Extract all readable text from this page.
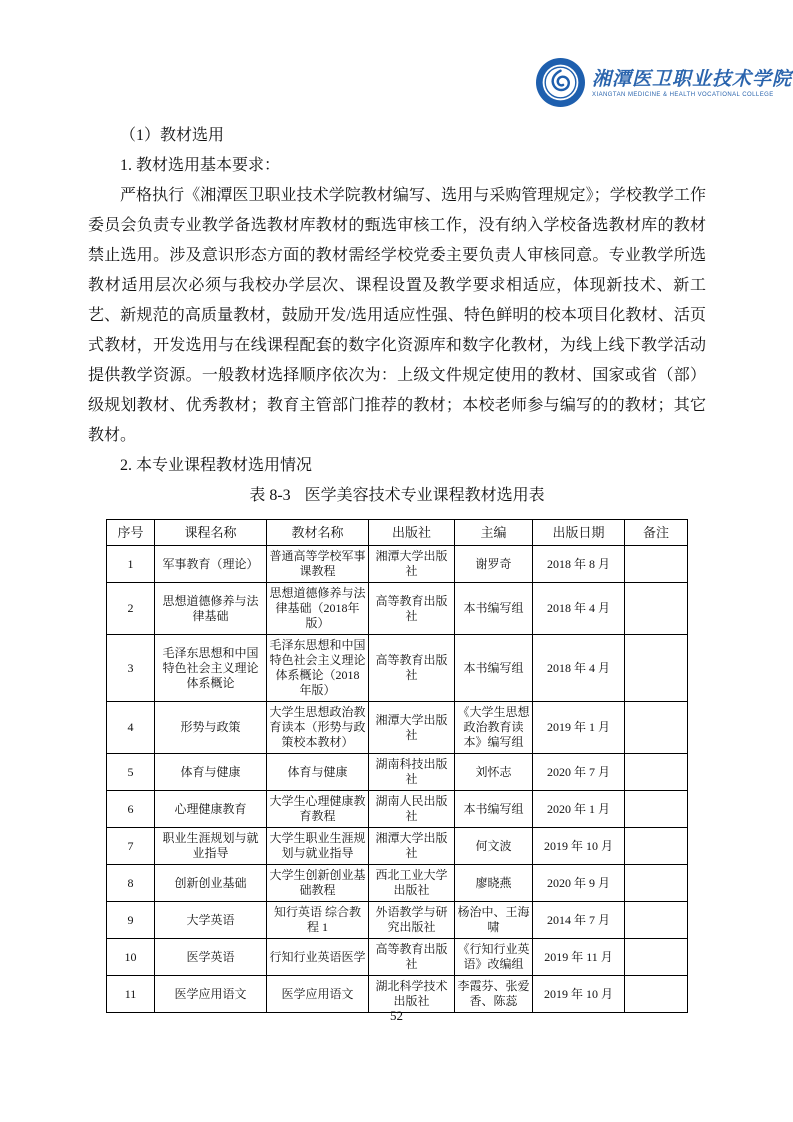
湘潭医卫职业技术学院
XIANGTAN MEDICINE & HEALTH VOCATIONAL COLLEGE

（1）教材选用

1. 教材选用基本要求：

严格执行《湘潭医卫职业技术学院教材编写、选用与采购管理规定》；学校教学工作委员会负责专业教学备选教材库教材的甄选审核工作，没有纳入学校备选教材库的教材禁止选用。涉及意识形态方面的教材需经学校党委主要负责人审核同意。专业教学所选教材适用层次必须与我校办学层次、课程设置及教学要求相适应，体现新技术、新工艺、新规范的高质量教材，鼓励开发/选用适应性强、特色鲜明的校本项目化教材、活页式教材，开发选用与在线课程配套的数字化资源库和数字化教材，为线上线下教学活动提供教学资源。一般教材选择顺序依次为：上级文件规定使用的教材、国家或省（部）级规划教材、优秀教材；教育主管部门推荐的教材；本校老师参与编写的的教材；其它教材。

2. 本专业课程教材选用情况

表 8-3 医学美容技术专业课程教材选用表

序号	课程名称	教材名称	出版社	主编	出版日期	备注
1	军事教育（理论）	普通高等学校军事课教程	湘潭大学出版社	谢罗奇	2018 年 8 月	
2	思想道德修养与法律基础	思想道德修养与法律基础（2018年版）	高等教育出版社	本书编写组	2018 年 4 月	
3	毛泽东思想和中国特色社会主义理论体系概论	毛泽东思想和中国特色社会主义理论体系概论（2018 年版）	高等教育出版社	本书编写组	2018 年 4 月	
4	形势与政策	大学生思想政治教育读本（形势与政策校本教材）	湘潭大学出版社	《大学生思想政治教育读本》编写组	2019 年 1 月	
5	体育与健康	体育与健康	湖南科技出版社	刘怀志	2020 年 7 月	
6	心理健康教育	大学生心理健康教育教程	湖南人民出版社	本书编写组	2020 年 1 月	
7	职业生涯规划与就业指导	大学生职业生涯规划与就业指导	湘潭大学出版社	何文波	2019 年 10 月	
8	创新创业基础	大学生创新创业基础教程	西北工业大学出版社	廖晓燕	2020 年 9 月	
9	大学英语	知行英语 综合教程 1	外语教学与研究出版社	杨治中、王海啸	2014 年 7 月	
10	医学英语	行知行业英语医学	高等教育出版社	《行知行业英语》改编组	2019 年 11 月	
11	医学应用语文	医学应用语文	湖北科学技术出版社	李霞芬、张爱香、陈蕊	2019 年 10 月	
52
